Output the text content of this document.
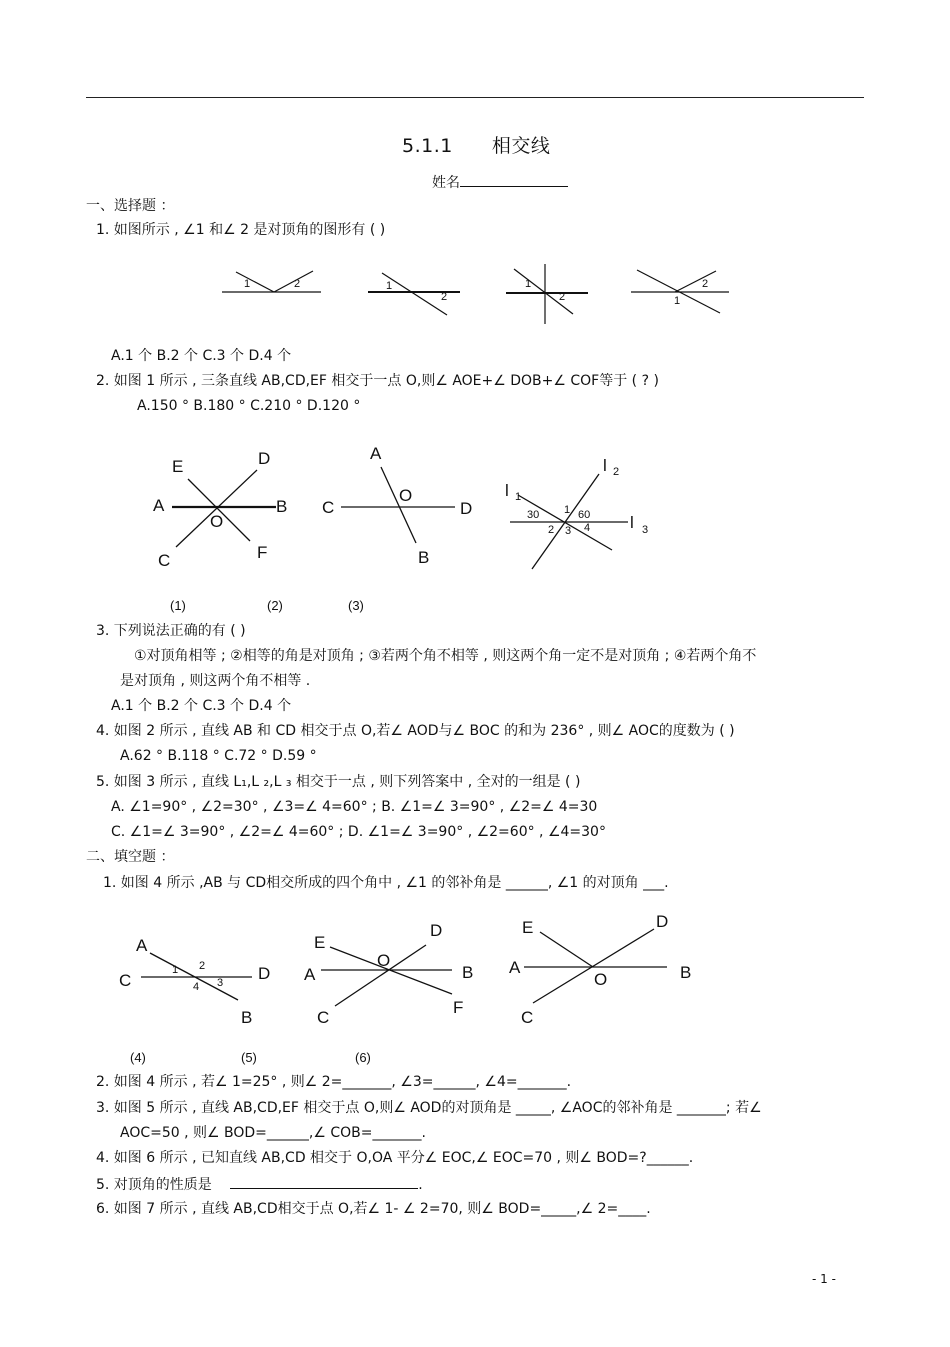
5.1.1　　相交线
姓名
一、选择题 ：
1. 如图所示 , ∠1 和∠ 2 是对顶角的图形有 ( )
1	2	1
2
1
2
2
1
A.1 个 B.2 个 C.3 个 D.4 个
2. 如图 1 所示 , 三条直线 AB,CD,EF 相交于一点 O,则∠ AOE+∠ DOB+∠ COF等于 ( ? )
A.150 ° B.180 ° C.210 ° D.120 °
E	D
A	B
O
C	F
A
O
C	D
B
l 1
l 2
l 3
30 1 60
2 3 4
(1)	(2)	(3)
3. 下列说法正确的有 ( )
①对顶角相等 ; ②相等的角是对顶角 ; ③若两个角不相等 , 则这两个角一定不是对顶角 ; ④若两个角不
是对顶角 , 则这两个角不相等 .
A.1 个 B.2 个 C.3 个 D.4 个
4. 如图 2 所示 , 直线 AB 和 CD 相交于点 O,若∠ AOD与∠ BOC 的和为 236° , 则∠ AOC的度数为 ( )
A.62 ° B.118 ° C.72 ° D.59 °
5. 如图 3 所示 , 直线 L₁,L ₂,L ₃ 相交于一点 , 则下列答案中 , 全对的一组是 ( )
A. ∠1=90° , ∠2=30° , ∠3=∠ 4=60° ; B. ∠1=∠ 3=90° , ∠2=∠ 4=30
C. ∠1=∠ 3=90° , ∠2=∠ 4=60° ; D. ∠1=∠ 3=90° , ∠2=60° , ∠4=30°
二、填空题 ：
1. 如图 4 所示 ,AB 与 CD相交所成的四个角中 , ∠1 的邻补角是 ______, ∠1 的对顶角 ___.
A
C	D
B
1 2
4 3
E
D
O
A	B
C
F
E	D
A
O	B
C
(4)	(5)	(6)
2. 如图 4 所示 , 若∠ 1=25° , 则∠ 2=_______, ∠3=______, ∠4=_______.
3. 如图 5 所示 , 直线 AB,CD,EF 相交于点 O,则∠ AOD的对顶角是 _____, ∠AOC的邻补角是 _______; 若∠
AOC=50 , 则∠ BOD=______,∠ COB=_______.
4. 如图 6 所示 , 已知直线 AB,CD 相交于 O,OA 平分∠ EOC,∠ EOC=70 , 则∠ BOD=?______.
5. 对顶角的性质是	.
6. 如图 7 所示 , 直线 AB,CD相交于点 O,若∠ 1- ∠ 2=70, 则∠ BOD=_____,∠ 2=____.
- 1 -
